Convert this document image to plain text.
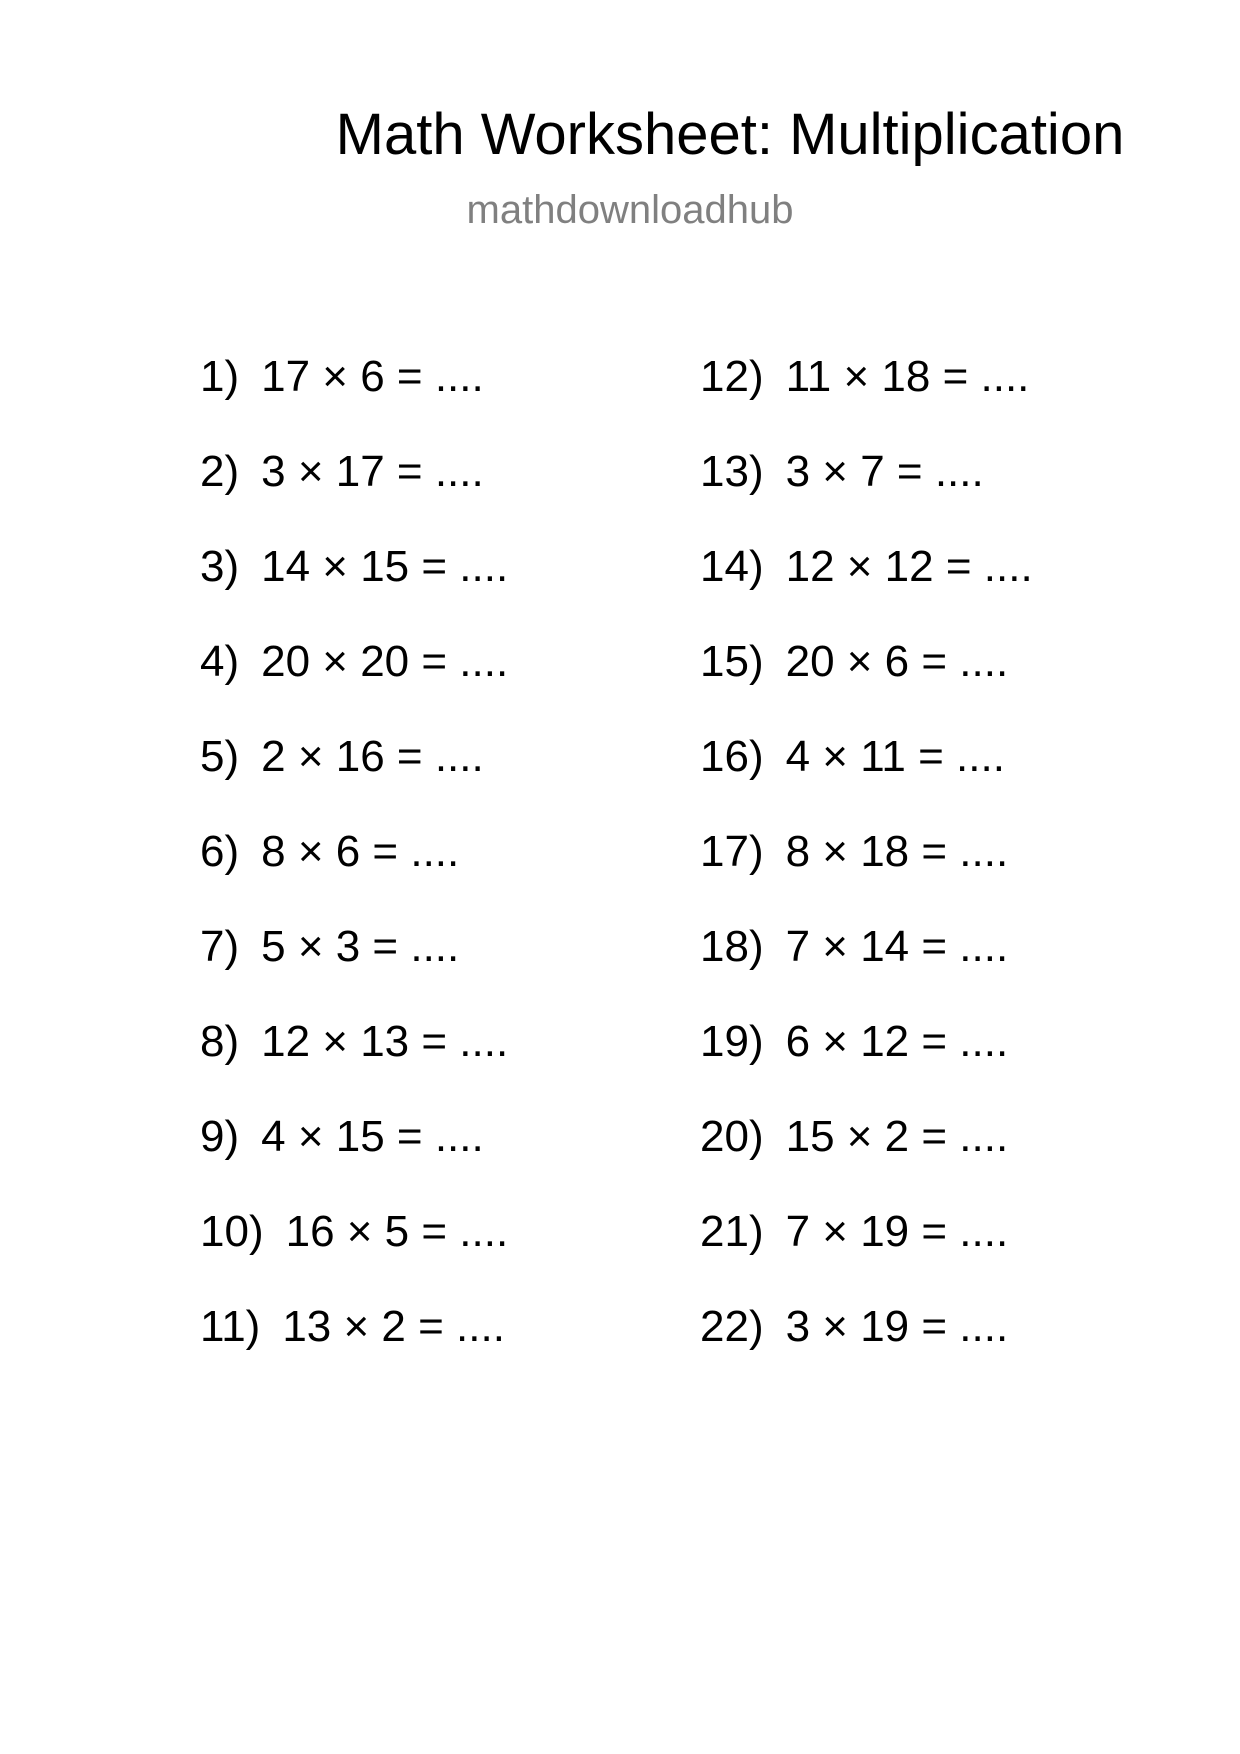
Math Worksheet: Multiplication
mathdownloadhub
1) 17 × 6 = ....
2) 3 × 17 = ....
3) 14 × 15 = ....
4) 20 × 20 = ....
5) 2 × 16 = ....
6) 8 × 6 = ....
7) 5 × 3 = ....
8) 12 × 13 = ....
9) 4 × 15 = ....
10) 16 × 5 = ....
11) 13 × 2 = ....
12) 11 × 18 = ....
13) 3 × 7 = ....
14) 12 × 12 = ....
15) 20 × 6 = ....
16) 4 × 11 = ....
17) 8 × 18 = ....
18) 7 × 14 = ....
19) 6 × 12 = ....
20) 15 × 2 = ....
21) 7 × 19 = ....
22) 3 × 19 = ....
